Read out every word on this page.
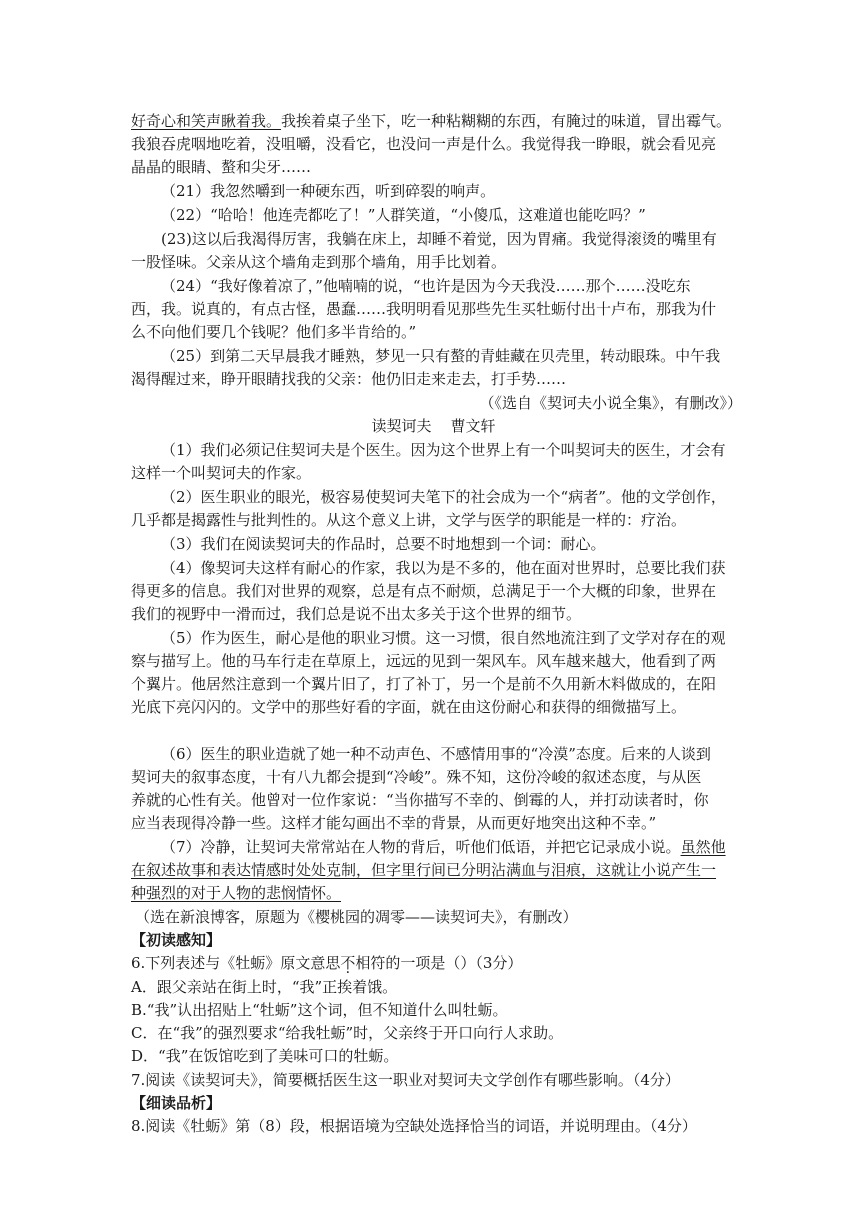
好奇心和笑声瞅着我。我挨着桌子坐下，吃一种粘糊糊的东西，有腌过的味道，冒出霉气。
我狼吞虎咽地吃着，没咀嚼，没看它，也没问一声是什么。我觉得我一睁眼，就会看见亮
晶晶的眼睛、螯和尖牙……
（21）我忽然嚼到一种硬东西，听到碎裂的响声。
（22）“哈哈！他连壳都吃了！”人群笑道，“小傻瓜，这难道也能吃吗？”
(23)这以后我渴得厉害，我躺在床上，却睡不着觉，因为胃痛。我觉得滚烫的嘴里有
一股怪味。父亲从这个墙角走到那个墙角，用手比划着。
（24）“我好像着凉了，”他喃喃的说，“也许是因为今天我没……那个……没吃东
西，我。说真的，有点古怪，愚蠢……我明明看见那些先生买牡蛎付出十卢布，那我为什
么不向他们要几个钱呢？他们多半肯给的。”
（25）到第二天早晨我才睡熟，梦见一只有螯的青蛙藏在贝壳里，转动眼珠。中午我
渴得醒过来，睁开眼睛找我的父亲：他仍旧走来走去，打手势……
（《选自《契诃夫小说全集》，有删改》）
读契诃夫 曹文轩
（1）我们必须记住契诃夫是个医生。因为这个世界上有一个叫契诃夫的医生，才会有
这样一个叫契诃夫的作家。
（2）医生职业的眼光，极容易使契诃夫笔下的社会成为一个“病者”。他的文学创作，
几乎都是揭露性与批判性的。从这个意义上讲，文学与医学的职能是一样的：疗治。
（3）我们在阅读契诃夫的作品时，总要不时地想到一个词：耐心。
（4）像契诃夫这样有耐心的作家，我以为是不多的，他在面对世界时，总要比我们获
得更多的信息。我们对世界的观察，总是有点不耐烦，总满足于一个大概的印象，世界在
我们的视野中一滑而过，我们总是说不出太多关于这个世界的细节。
（5）作为医生，耐心是他的职业习惯。这一习惯，很自然地流注到了文学对存在的观
察与描写上。他的马车行走在草原上，远远的见到一架风车。风车越来越大，他看到了两
个翼片。他居然注意到一个翼片旧了，打了补丁，另一个是前不久用新木料做成的，在阳
光底下亮闪闪的。文学中的那些好看的字面，就在由这份耐心和获得的细微描写上。
（6）医生的职业造就了她一种不动声色、不感情用事的“冷漠”态度。后来的人谈到
契诃夫的叙事态度，十有八九都会提到“冷峻”。殊不知，这份冷峻的叙述态度，与从医
养就的心性有关。他曾对一位作家说：“当你描写不幸的、倒霉的人，并打动读者时，你
应当表现得冷静一些。这样才能勾画出不幸的背景，从而更好地突出这种不幸。”
（7）冷静，让契诃夫常常站在人物的背后，听他们低语，并把它记录成小说。虽然他
在叙述故事和表达情感时处处克制，但字里行间已分明沾满血与泪痕，这就让小说产生一
种强烈的对于人物的悲悯情怀。
（选在新浪博客，原题为《樱桃园的凋零——读契诃夫》，有删改）
【初读感知】
6.下列表述与《牡蛎》原文意思不相符的一项是（）（3分）
A．跟父亲站在街上时，“我”正挨着饿。
B.“我”认出招贴上“牡蛎”这个词，但不知道什么叫牡蛎。
C．在“我”的强烈要求“给我牡蛎”时，父亲终于开口向行人求助。
D．“我”在饭馆吃到了美味可口的牡蛎。
7.阅读《读契诃夫》，简要概括医生这一职业对契诃夫文学创作有哪些影响。（4分）
【细读品析】
8.阅读《牡蛎》第（8）段，根据语境为空缺处选择恰当的词语，并说明理由。（4分）
